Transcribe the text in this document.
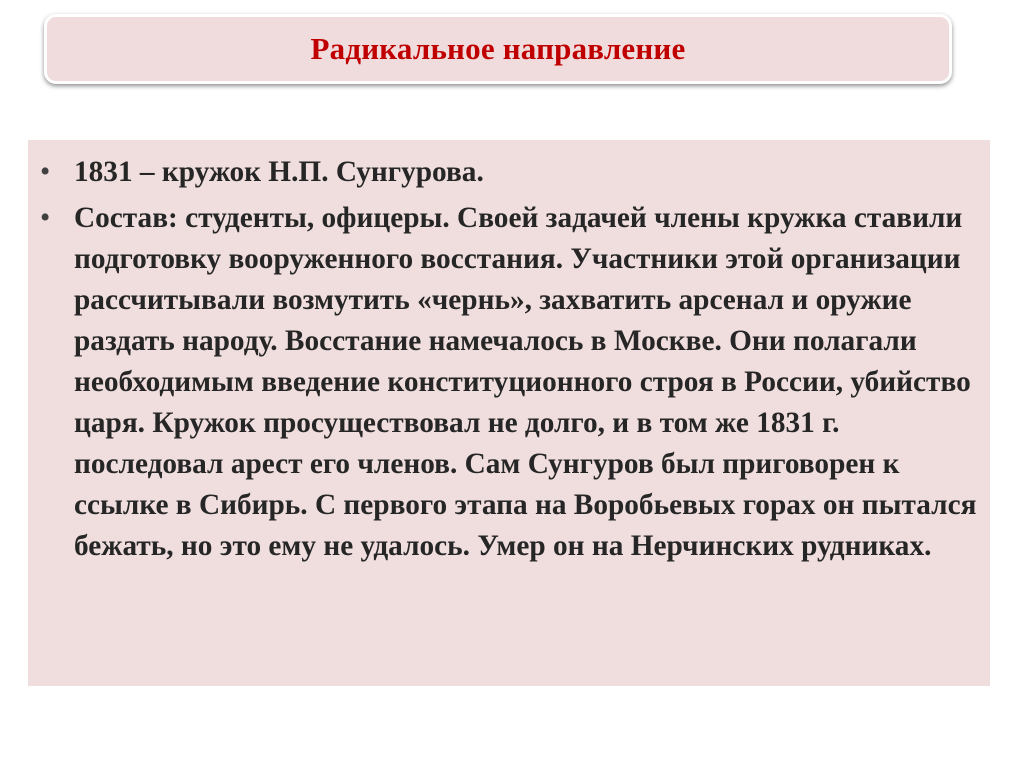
Радикальное направление
• 1831 – кружок Н.П. Сунгурова.
• Состав: студенты, офицеры. Своей задачей члены кружка ставили подготовку вооруженного восстания. Участники этой организации рассчитывали возмутить «чернь», захватить арсенал и оружие раздать народу. Восстание намечалось в Москве. Они полагали необходимым введение конституционного строя в России, убийство царя. Кружок просуществовал не долго, и в том же 1831 г. последовал арест его членов. Сам Сунгуров был приговорен к ссылке в Сибирь. С первого этапа на Воробьевых горах он пытался бежать, но это ему не удалось. Умер он на Нерчинских рудниках.
